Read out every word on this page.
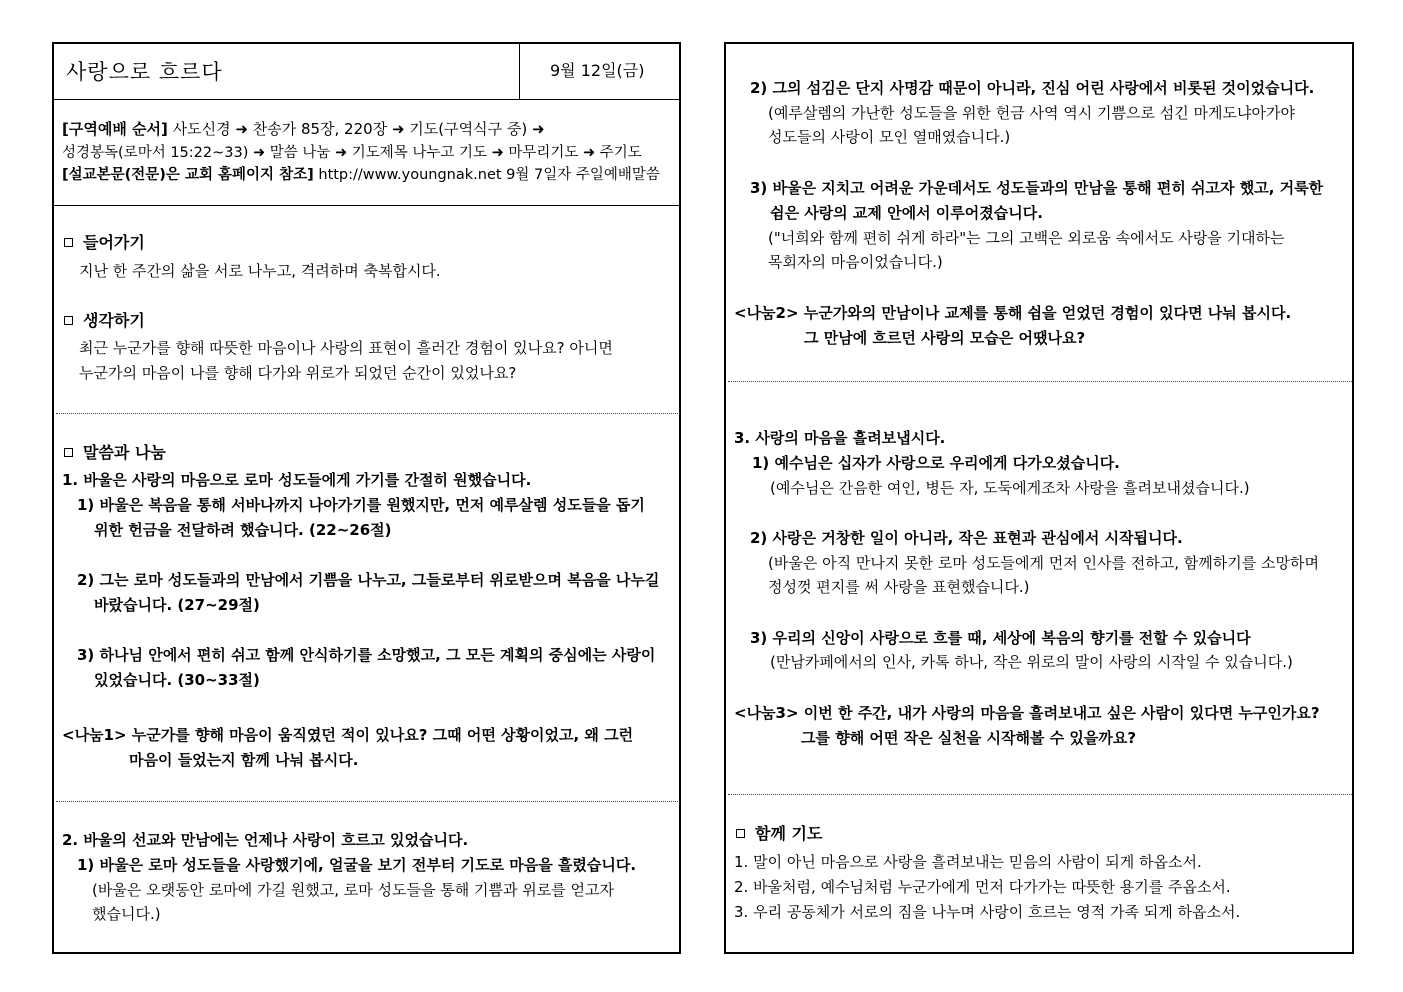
사랑으로 흐르다	9월 12일(금)
[구역예배 순서] 사도신경 ➜ 찬송가 85장, 220장 ➜ 기도(구역식구 중) ➜
성경봉독(로마서 15:22~33) ➜ 말씀 나눔 ➜ 기도제목 나누고 기도 ➜ 마무리기도 ➜ 주기도
[설교본문(전문)은 교회 홈페이지 참조] http://www.youngnak.net 9월 7일자 주일예배말씀
들어가기
지난 한 주간의 삶을 서로 나누고, 격려하며 축복합시다.
생각하기
최근 누군가를 향해 따뜻한 마음이나 사랑의 표현이 흘러간 경험이 있나요? 아니면
누군가의 마음이 나를 향해 다가와 위로가 되었던 순간이 있었나요?
말씀과 나눔
1. 바울은 사랑의 마음으로 로마 성도들에게 가기를 간절히 원했습니다.
1) 바울은 복음을 통해 서바나까지 나아가기를 원했지만, 먼저 예루살렘 성도들을 돕기
위한 헌금을 전달하려 했습니다. (22~26절)
2) 그는 로마 성도들과의 만남에서 기쁨을 나누고, 그들로부터 위로받으며 복음을 나누길
바랐습니다. (27~29절)
3) 하나님 안에서 편히 쉬고 함께 안식하기를 소망했고, 그 모든 계획의 중심에는 사랑이
있었습니다. (30~33절)
<나눔1> 누군가를 향해 마음이 움직였던 적이 있나요? 그때 어떤 상황이었고, 왜 그런
마음이 들었는지 함께 나눠 봅시다.
2. 바울의 선교와 만남에는 언제나 사랑이 흐르고 있었습니다.
1) 바울은 로마 성도들을 사랑했기에, 얼굴을 보기 전부터 기도로 마음을 흘렸습니다.
(바울은 오랫동안 로마에 가길 원했고, 로마 성도들을 통해 기쁨과 위로를 얻고자
했습니다.)
2) 그의 섬김은 단지 사명감 때문이 아니라, 진심 어린 사랑에서 비롯된 것이었습니다.
(예루살렘의 가난한 성도들을 위한 헌금 사역 역시 기쁨으로 섬긴 마게도냐아가야
성도들의 사랑이 모인 열매였습니다.)
3) 바울은 지치고 어려운 가운데서도 성도들과의 만남을 통해 편히 쉬고자 했고, 거룩한
쉼은 사랑의 교제 안에서 이루어졌습니다.
("너희와 함께 편히 쉬게 하라"는 그의 고백은 외로움 속에서도 사랑을 기대하는
목회자의 마음이었습니다.)
<나눔2> 누군가와의 만남이나 교제를 통해 쉼을 얻었던 경험이 있다면 나눠 봅시다.
그 만남에 흐르던 사랑의 모습은 어땠나요?
3. 사랑의 마음을 흘려보냅시다.
1) 예수님은 십자가 사랑으로 우리에게 다가오셨습니다.
(예수님은 간음한 여인, 병든 자, 도둑에게조차 사랑을 흘려보내셨습니다.)
2) 사랑은 거창한 일이 아니라, 작은 표현과 관심에서 시작됩니다.
(바울은 아직 만나지 못한 로마 성도들에게 먼저 인사를 전하고, 함께하기를 소망하며
정성껏 편지를 써 사랑을 표현했습니다.)
3) 우리의 신앙이 사랑으로 흐를 때, 세상에 복음의 향기를 전할 수 있습니다
(만남카페에서의 인사, 카톡 하나, 작은 위로의 말이 사랑의 시작일 수 있습니다.)
<나눔3> 이번 한 주간, 내가 사랑의 마음을 흘려보내고 싶은 사람이 있다면 누구인가요?
그를 향해 어떤 작은 실천을 시작해볼 수 있을까요?
함께 기도
1. 말이 아닌 마음으로 사랑을 흘려보내는 믿음의 사람이 되게 하옵소서.
2. 바울처럼, 예수님처럼 누군가에게 먼저 다가가는 따뜻한 용기를 주옵소서.
3. 우리 공동체가 서로의 짐을 나누며 사랑이 흐르는 영적 가족 되게 하옵소서.
